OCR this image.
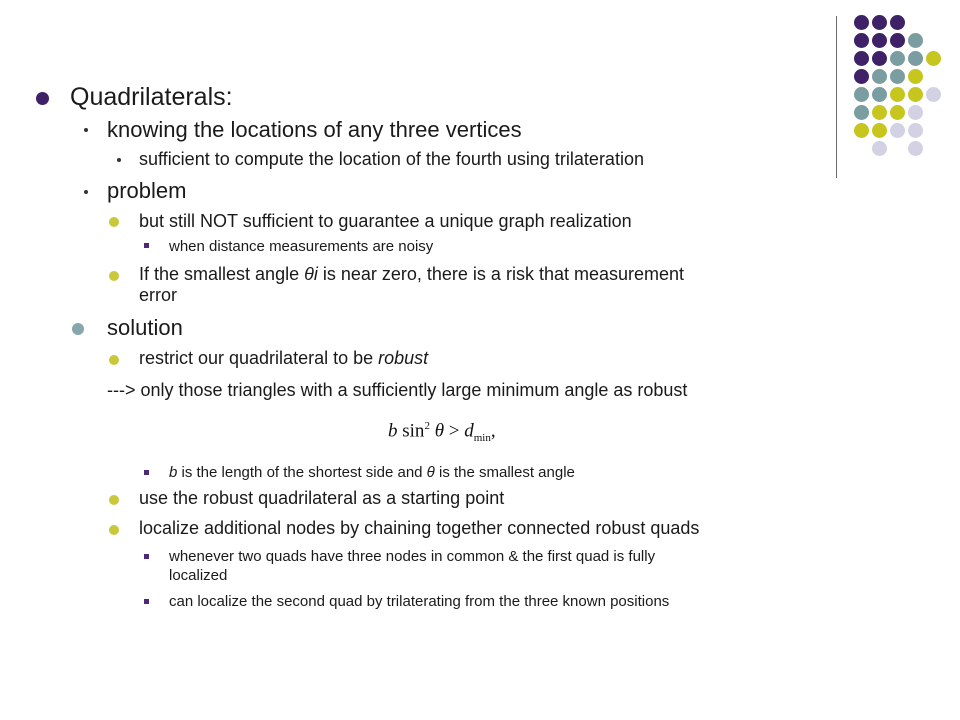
Quadrilaterals:
knowing the locations of any three vertices
sufficient to compute the location of the fourth using trilateration
problem
but still NOT sufficient to guarantee a unique graph realization
when distance measurements are noisy
If the smallest angle θi is near zero, there is a risk that measurement
error
solution
restrict our quadrilateral to be robust
---> only those triangles with a sufficiently large minimum angle as robust
b $\sin^2 \theta > d_{min}$,
b is the length of the shortest side and θ is the smallest angle
use the robust quadrilateral as a starting point
localize additional nodes by chaining together connected robust quads
whenever two quads have three nodes in common & the first quad is fully
localized
can localize the second quad by trilaterating from the three known positions
